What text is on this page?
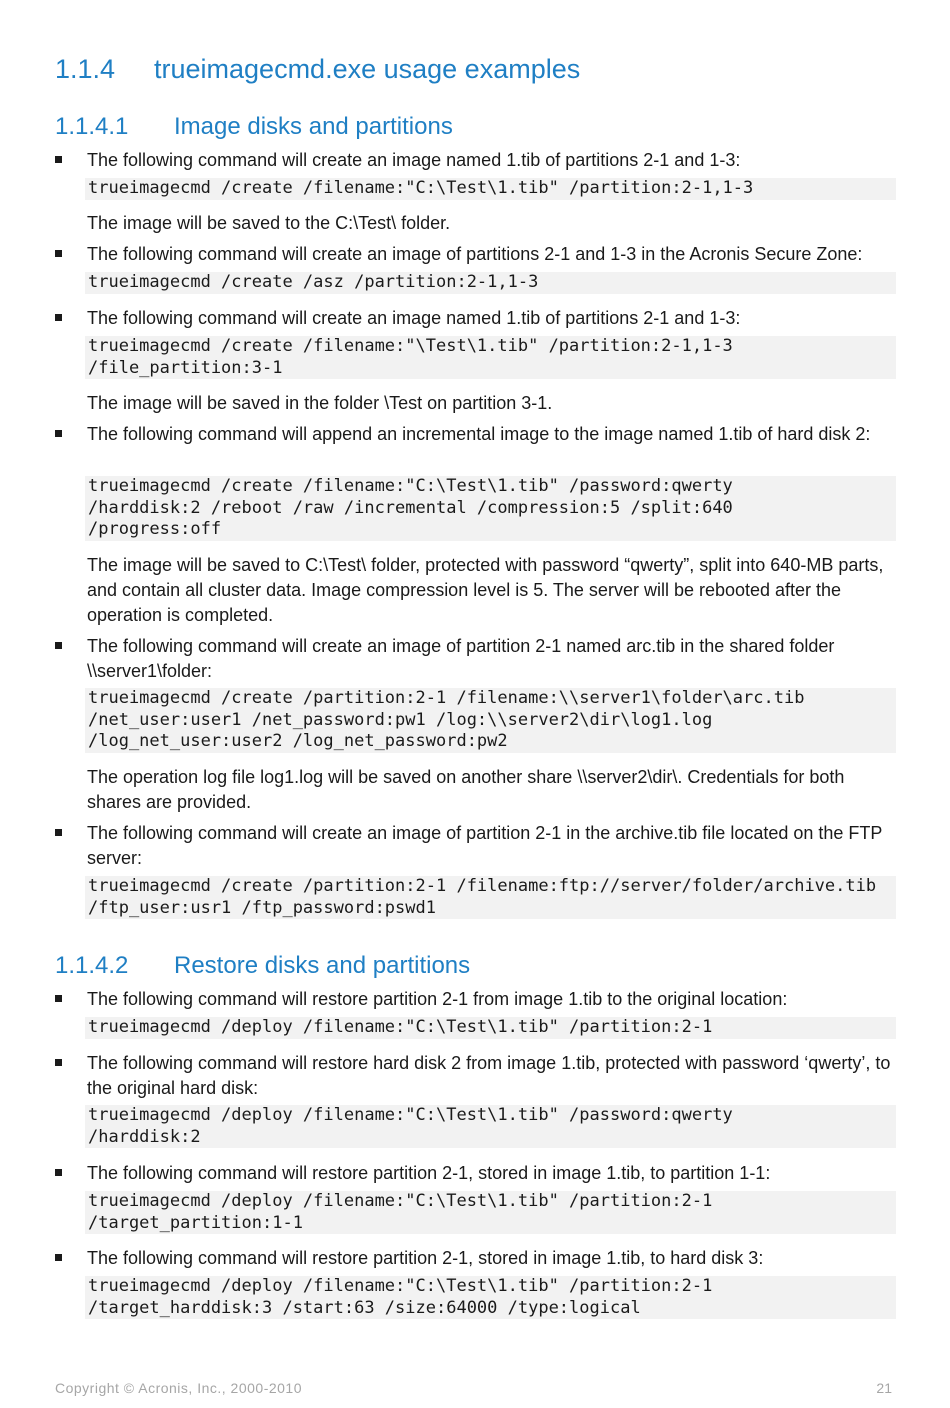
1.1.4 trueimagecmd.exe usage examples
1.1.4.1 Image disks and partitions
The following command will create an image named 1.tib of partitions 2-1 and 1-3:
trueimagecmd /create /filename:"C:\Test\1.tib" /partition:2-1,1-3
The image will be saved to the C:\Test\ folder.
The following command will create an image of partitions 2-1 and 1-3 in the Acronis Secure Zone:
trueimagecmd /create /asz /partition:2-1,1-3
The following command will create an image named 1.tib of partitions 2-1 and 1-3:
trueimagecmd /create /filename:"\Test\1.tib" /partition:2-1,1-3
/file_partition:3-1
The image will be saved in the folder \Test on partition 3-1.
The following command will append an incremental image to the image named 1.tib of hard disk 2:
trueimagecmd /create /filename:"C:\Test\1.tib" /password:qwerty
/harddisk:2 /reboot /raw /incremental /compression:5 /split:640
/progress:off
The image will be saved to C:\Test\ folder, protected with password “qwerty”, split into 640-MB parts, and contain all cluster data. Image compression level is 5. The server will be rebooted after the operation is completed.
The following command will create an image of partition 2-1 named arc.tib in the shared folder \\server1\folder:
trueimagecmd /create /partition:2-1 /filename:\\server1\folder\arc.tib
/net_user:user1 /net_password:pw1 /log:\\server2\dir\log1.log
/log_net_user:user2 /log_net_password:pw2
The operation log file log1.log will be saved on another share \\server2\dir\. Credentials for both shares are provided.
The following command will create an image of partition 2-1 in the archive.tib file located on the FTP server:
trueimagecmd /create /partition:2-1 /filename:ftp://server/folder/archive.tib
/ftp_user:usr1 /ftp_password:pswd1
1.1.4.2 Restore disks and partitions
The following command will restore partition 2-1 from image 1.tib to the original location:
trueimagecmd /deploy /filename:"C:\Test\1.tib" /partition:2-1
The following command will restore hard disk 2 from image 1.tib, protected with password ‘qwerty’, to the original hard disk:
trueimagecmd /deploy /filename:"C:\Test\1.tib" /password:qwerty
/harddisk:2
The following command will restore partition 2-1, stored in image 1.tib, to partition 1-1:
trueimagecmd /deploy /filename:"C:\Test\1.tib" /partition:2-1
/target_partition:1-1
The following command will restore partition 2-1, stored in image 1.tib, to hard disk 3:
trueimagecmd /deploy /filename:"C:\Test\1.tib" /partition:2-1
/target_harddisk:3 /start:63 /size:64000 /type:logical
Copyright © Acronis, Inc., 2000-2010	21
